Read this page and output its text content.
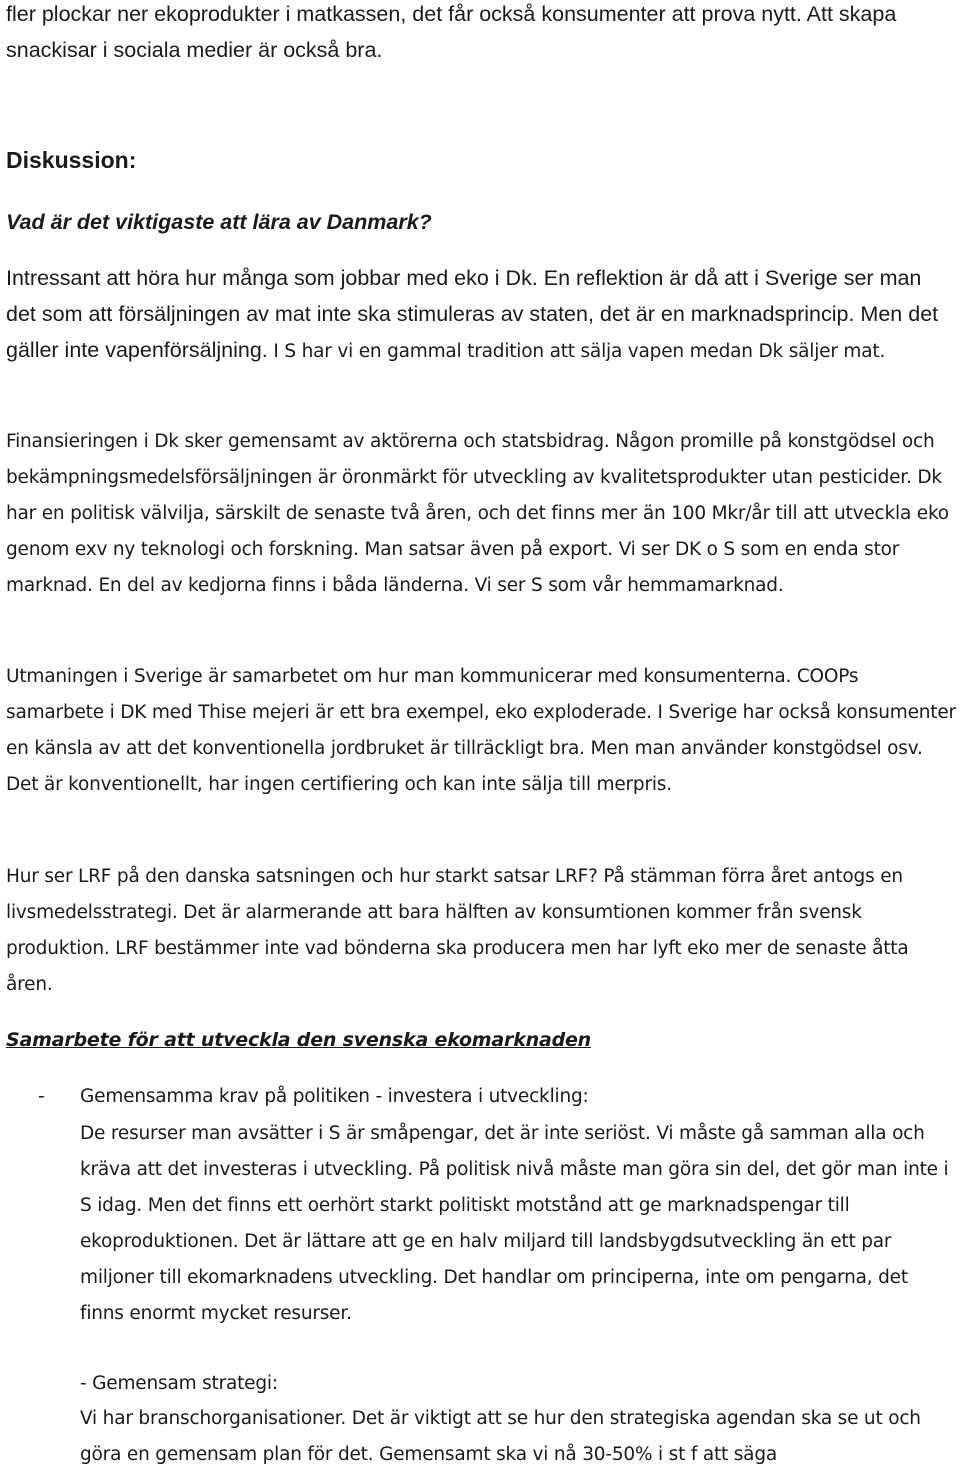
fler plockar ner ekoprodukter i matkassen, det får också konsumenter att prova nytt. Att skapa snackisar i sociala medier är också bra.

Diskussion:

Vad är det viktigaste att lära av Danmark?

Intressant att höra hur många som jobbar med eko i Dk. En reflektion är då att i Sverige ser man det som att försäljningen av mat inte ska stimuleras av staten, det är en marknadsprincip. Men det gäller inte vapenförsäljning. I S har vi en gammal tradition att sälja vapen medan Dk säljer mat.

Finansieringen i Dk sker gemensamt av aktörerna och statsbidrag. Någon promille på konstgödsel och bekämpningsmedelsförsäljningen är öronmärkt för utveckling av kvalitetsprodukter utan pesticider. Dk har en politisk välvilja, särskilt de senaste två åren, och det finns mer än 100 Mkr/år till att utveckla eko genom exv ny teknologi och forskning. Man satsar även på export. Vi ser DK o S som en enda stor marknad. En del av kedjorna finns i båda länderna. Vi ser S som vår hemmamarknad.

Utmaningen i Sverige är samarbetet om hur man kommunicerar med konsumenterna. COOPs samarbete i DK med Thise mejeri är ett bra exempel, eko exploderade. I Sverige har också konsumenter en känsla av att det konventionella jordbruket är tillräckligt bra. Men man använder konstgödsel osv. Det är konventionellt, har ingen certifiering och kan inte sälja till merpris.

Hur ser LRF på den danska satsningen och hur starkt satsar LRF? På stämman förra året antogs en livsmedelsstrategi. Det är alarmerande att bara hälften av konsumtionen kommer från svensk produktion. LRF bestämmer inte vad bönderna ska producera men har lyft eko mer de senaste åtta åren.

Samarbete för att utveckla den svenska ekomarknaden

- Gemensamma krav på politiken - investera i utveckling:

De resurser man avsätter i S är småpengar, det är inte seriöst. Vi måste gå samman alla och kräva att det investeras i utveckling. På politisk nivå måste man göra sin del, det gör man inte i S idag. Men det finns ett oerhört starkt politiskt motstånd att ge marknadspengar till ekoproduktionen. Det är lättare att ge en halv miljard till landsbygdsutveckling än ett par miljoner till ekomarknadens utveckling. Det handlar om principerna, inte om pengarna, det finns enormt mycket resurser.

- Gemensam strategi:

Vi har branschorganisationer. Det är viktigt att se hur den strategiska agendan ska se ut och göra en gemensam plan för det. Gemensamt ska vi nå 30-50% i st f att säga
